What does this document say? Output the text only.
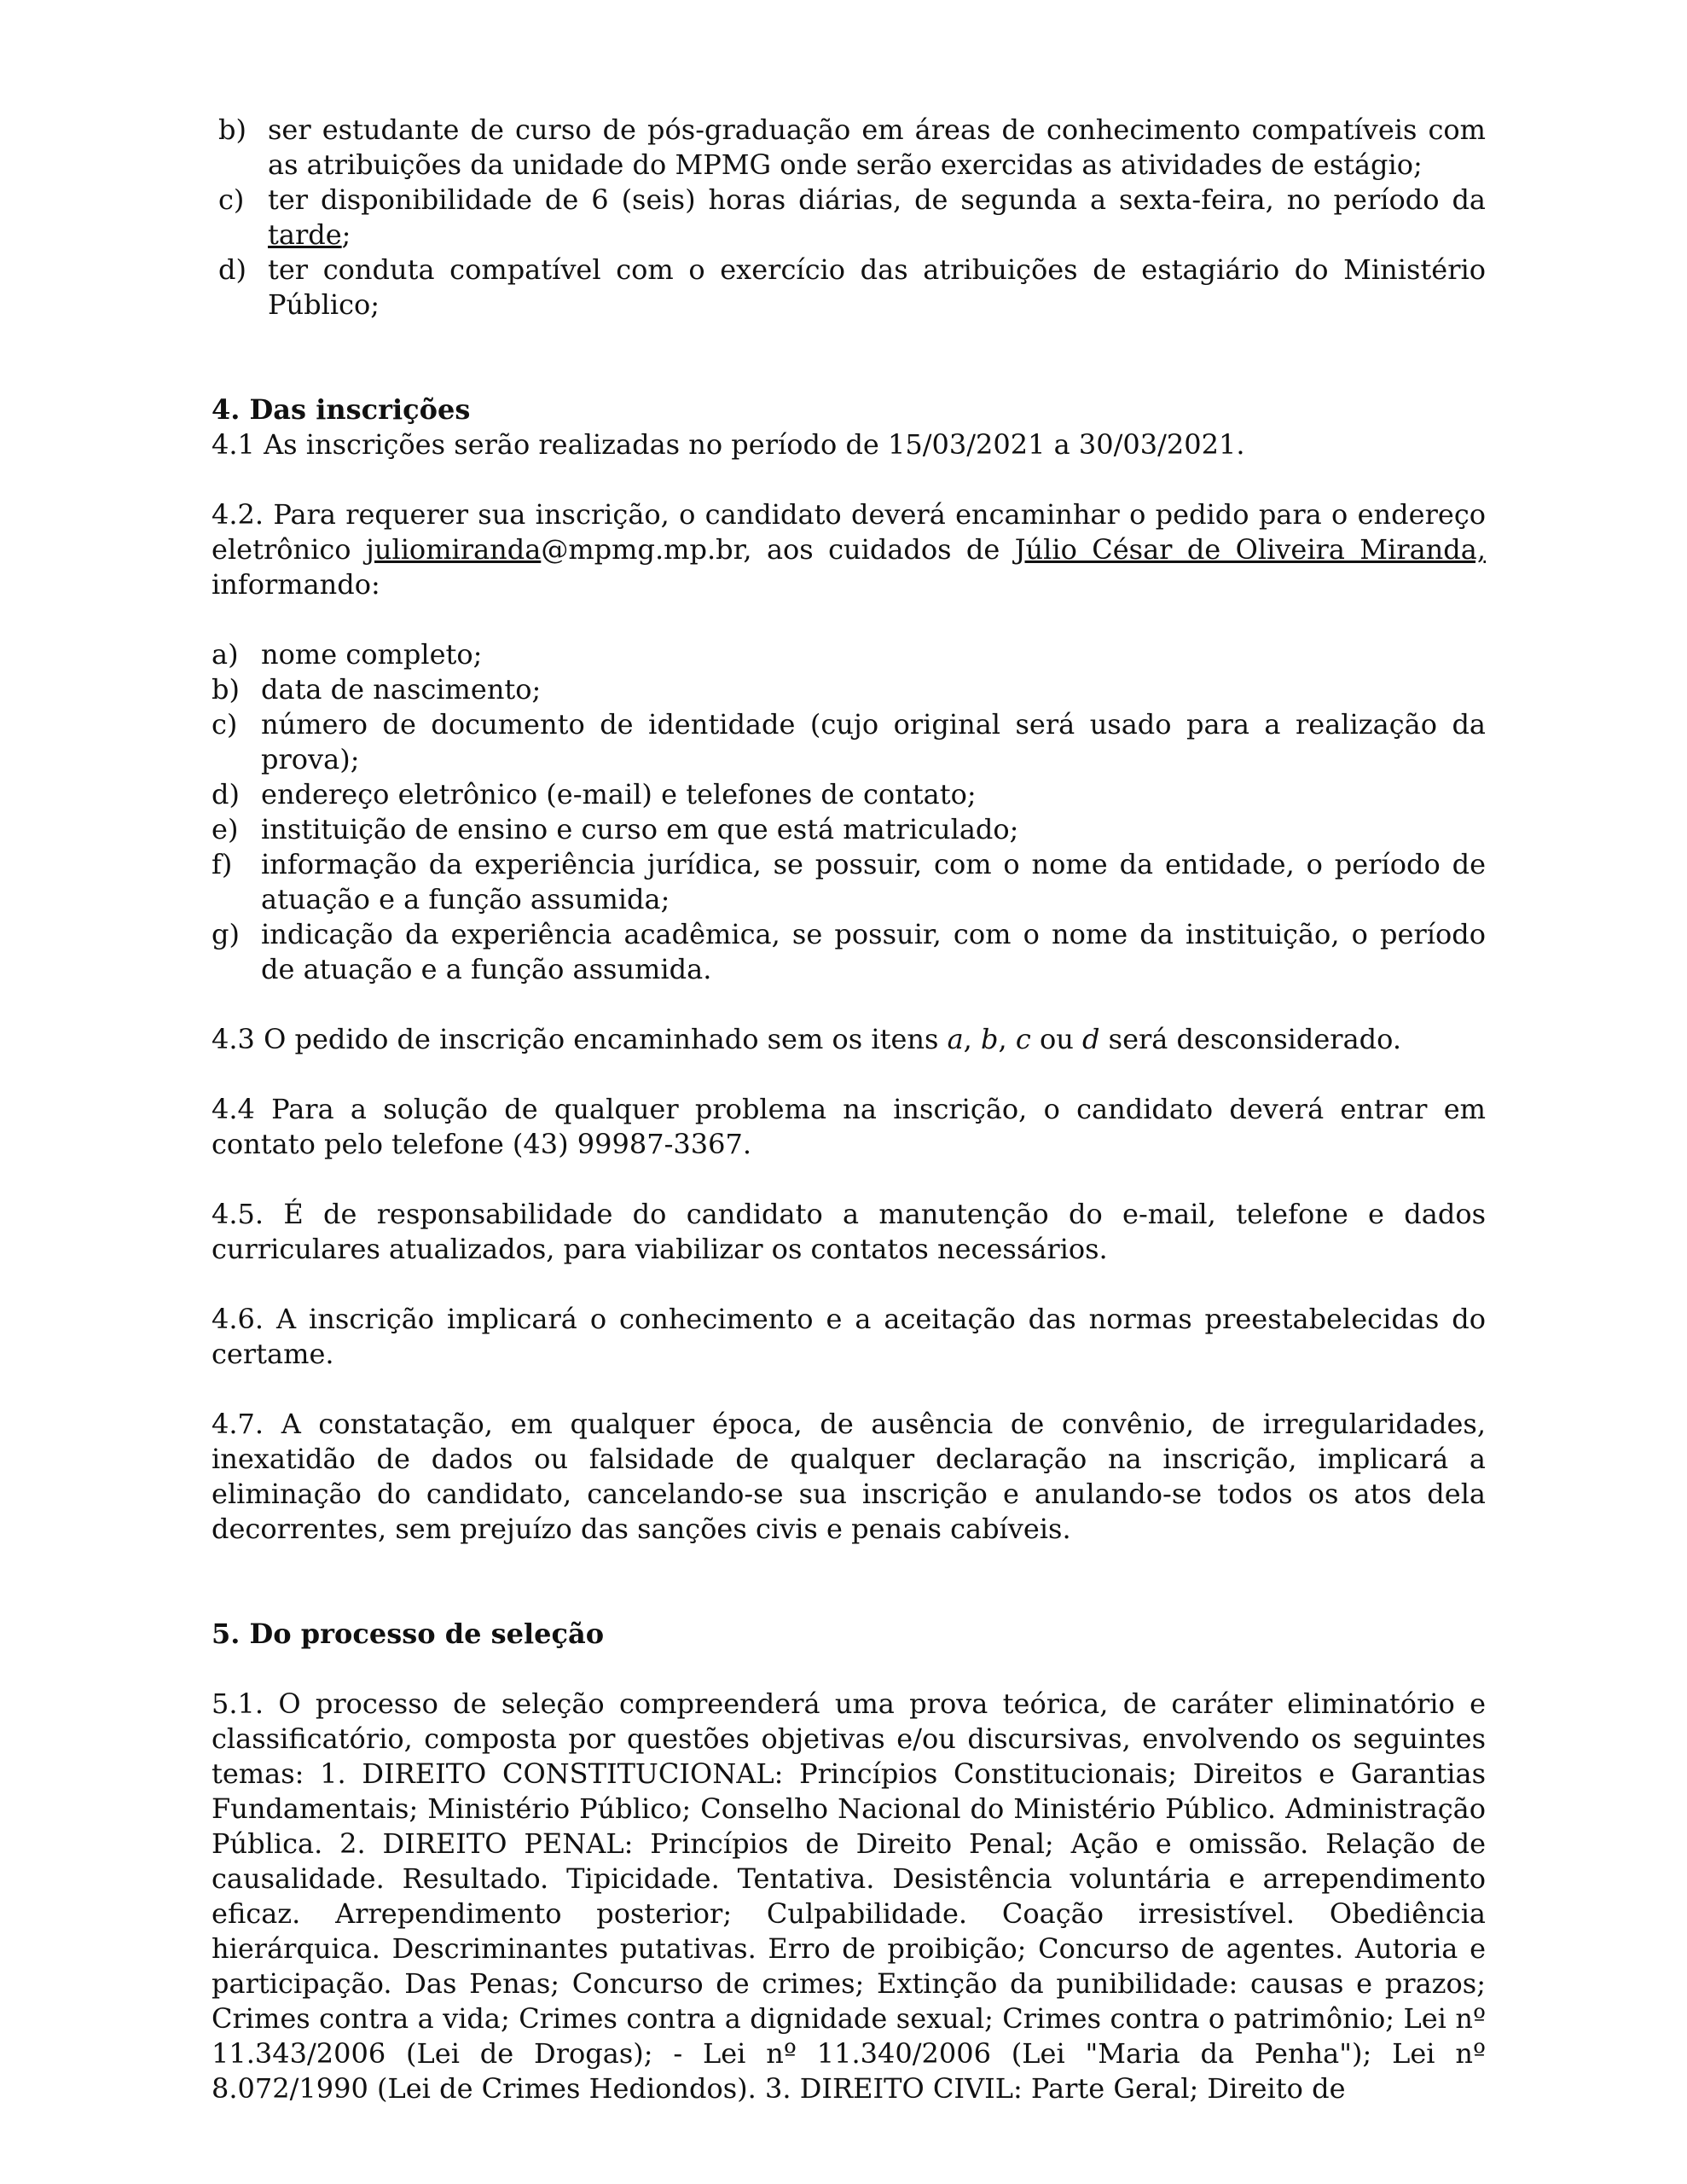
b) ser estudante de curso de pós-graduação em áreas de conhecimento compatíveis com as atribuições da unidade do MPMG onde serão exercidas as atividades de estágio;
c) ter disponibilidade de 6 (seis) horas diárias, de segunda a sexta-feira, no período da tarde;
d) ter conduta compatível com o exercício das atribuições de estagiário do Ministério Público;

4. Das inscrições

4.1 As inscrições serão realizadas no período de 15/03/2021 a 30/03/2021.

4.2. Para requerer sua inscrição, o candidato deverá encaminhar o pedido para o endereço eletrônico juliomiranda@mpmg.mp.br, aos cuidados de Júlio César de Oliveira Miranda, informando:

a) nome completo;
b) data de nascimento;
c) número de documento de identidade (cujo original será usado para a realização da prova);
d) endereço eletrônico (e-mail) e telefones de contato;
e) instituição de ensino e curso em que está matriculado;
f) informação da experiência jurídica, se possuir, com o nome da entidade, o período de atuação e a função assumida;
g) indicação da experiência acadêmica, se possuir, com o nome da instituição, o período de atuação e a função assumida.

4.3 O pedido de inscrição encaminhado sem os itens a, b, c ou d será desconsiderado.

4.4 Para a solução de qualquer problema na inscrição, o candidato deverá entrar em contato pelo telefone (43) 99987-3367.

4.5. É de responsabilidade do candidato a manutenção do e-mail, telefone e dados curriculares atualizados, para viabilizar os contatos necessários.

4.6. A inscrição implicará o conhecimento e a aceitação das normas preestabelecidas do certame.

4.7. A constatação, em qualquer época, de ausência de convênio, de irregularidades, inexatidão de dados ou falsidade de qualquer declaração na inscrição, implicará a eliminação do candidato, cancelando-se sua inscrição e anulando-se todos os atos dela decorrentes, sem prejuízo das sanções civis e penais cabíveis.

5. Do processo de seleção

5.1. O processo de seleção compreenderá uma prova teórica, de caráter eliminatório e classificatório, composta por questões objetivas e/ou discursivas, envolvendo os seguintes temas: 1. DIREITO CONSTITUCIONAL: Princípios Constitucionais; Direitos e Garantias Fundamentais; Ministério Público; Conselho Nacional do Ministério Público. Administração Pública. 2. DIREITO PENAL: Princípios de Direito Penal; Ação e omissão. Relação de causalidade. Resultado. Tipicidade. Tentativa. Desistência voluntária e arrependimento eficaz. Arrependimento posterior; Culpabilidade. Coação irresistível. Obediência hierárquica. Descriminantes putativas. Erro de proibição; Concurso de agentes. Autoria e participação. Das Penas; Concurso de crimes; Extinção da punibilidade: causas e prazos; Crimes contra a vida; Crimes contra a dignidade sexual; Crimes contra o patrimônio; Lei nº 11.343/2006 (Lei de Drogas); - Lei nº 11.340/2006 (Lei "Maria da Penha"); Lei nº 8.072/1990 (Lei de Crimes Hediondos). 3. DIREITO CIVIL: Parte Geral; Direito de
